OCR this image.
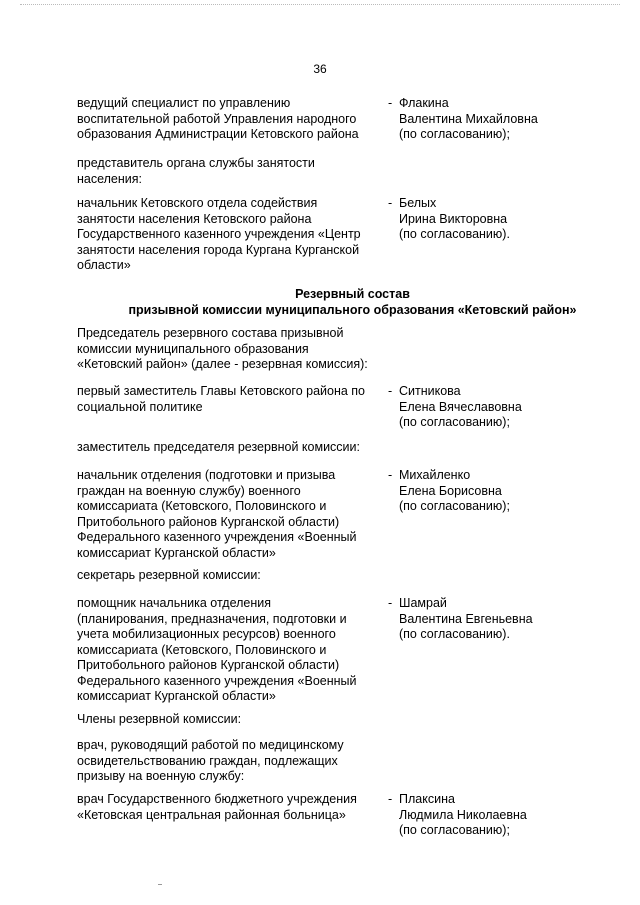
36
ведущий специалист по управлению
воспитательной работой Управления народного
образования Администрации Кетовского района
- Флакина
Валентина Михайловна
(по согласованию);
представитель органа службы занятости
населения:
начальник Кетовского отдела содействия
занятости населения Кетовского района
Государственного казенного учреждения «Центр
занятости населения города Кургана Курганской
области»
- Белых
Ирина Викторовна
(по согласованию).
Резервный состав
призывной комиссии муниципального образования «Кетовский район»
Председатель резервного состава призывной
комиссии муниципального образования
«Кетовский район» (далее - резервная комиссия):
первый заместитель Главы Кетовского района по
социальной политике
- Ситникова
Елена Вячеславовна
(по согласованию);
заместитель председателя резервной комиссии:
начальник отделения (подготовки и призыва
граждан на военную службу) военного
комиссариата (Кетовского, Половинского и
Притобольного районов Курганской области)
Федерального казенного учреждения «Военный
комиссариат Курганской области»
- Михайленко
Елена Борисовна
(по согласованию);
секретарь резервной комиссии:
помощник начальника отделения
(планирования, предназначения, подготовки и
учета мобилизационных ресурсов) военного
комиссариата (Кетовского, Половинского и
Притобольного районов Курганской области)
Федерального казенного учреждения «Военный
комиссариат Курганской области»
- Шамрай
Валентина Евгеньевна
(по согласованию).
Члены резервной комиссии:
врач, руководящий работой по медицинскому
освидетельствованию граждан, подлежащих
призыву на военную службу:
врач Государственного бюджетного учреждения
«Кетовская центральная районная больница»
- Плаксина
Людмила Николаевна
(по согласованию);
